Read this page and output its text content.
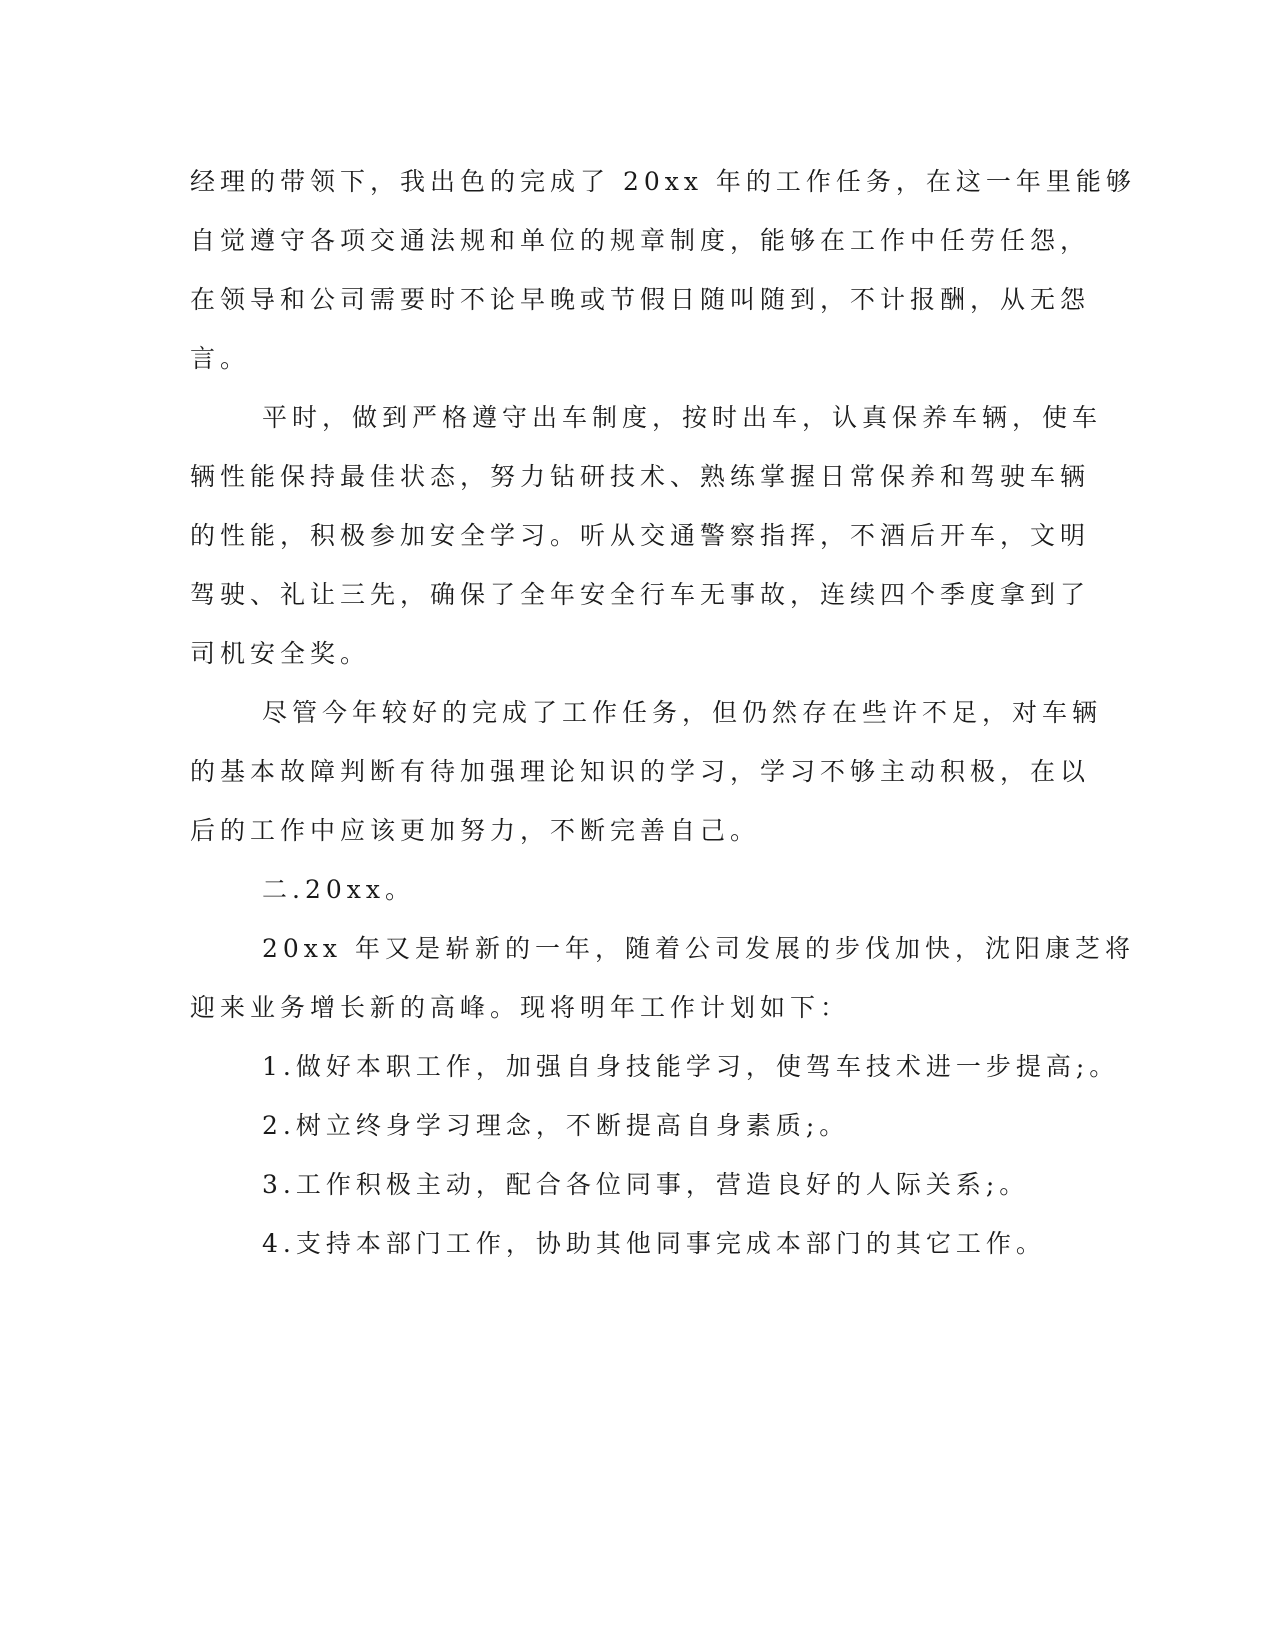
经理的带领下，我出色的完成了 20xx 年的工作任务，在这一年里能够
自觉遵守各项交通法规和单位的规章制度，能够在工作中任劳任怨，
在领导和公司需要时不论早晚或节假日随叫随到，不计报酬，从无怨
言。
平时，做到严格遵守出车制度，按时出车，认真保养车辆，使车
辆性能保持最佳状态，努力钻研技术、熟练掌握日常保养和驾驶车辆
的性能，积极参加安全学习。听从交通警察指挥，不酒后开车，文明
驾驶、礼让三先，确保了全年安全行车无事故，连续四个季度拿到了
司机安全奖。
尽管今年较好的完成了工作任务，但仍然存在些许不足，对车辆
的基本故障判断有待加强理论知识的学习，学习不够主动积极，在以
后的工作中应该更加努力，不断完善自己。
二.20xx。
20xx 年又是崭新的一年，随着公司发展的步伐加快，沈阳康芝将
迎来业务增长新的高峰。现将明年工作计划如下：
1.做好本职工作，加强自身技能学习，使驾车技术进一步提高;。
2.树立终身学习理念，不断提高自身素质;。
3.工作积极主动，配合各位同事，营造良好的人际关系;。
4.支持本部门工作，协助其他同事完成本部门的其它工作。
